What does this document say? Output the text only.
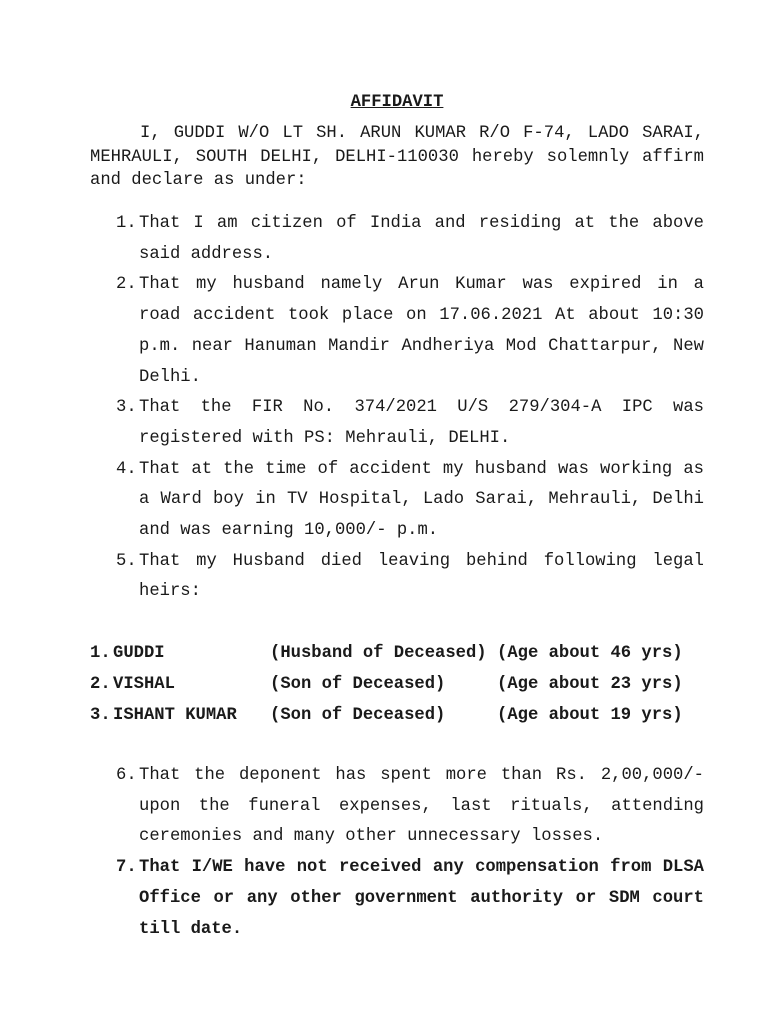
AFFIDAVIT

I, GUDDI W/O LT SH. ARUN KUMAR R/O F-74, LADO SARAI, MEHRAULI, SOUTH DELHI, DELHI-110030 hereby solemnly affirm and declare as under:

1. That I am citizen of India and residing at the above said address.
2. That my husband namely Arun Kumar was expired in a road accident took place on 17.06.2021 At about 10:30 p.m. near Hanuman Mandir Andheriya Mod Chattarpur, New Delhi.
3. That the FIR No. 374/2021 U/S 279/304-A IPC was registered with PS: Mehrauli, DELHI.
4. That at the time of accident my husband was working as a Ward boy in TV Hospital, Lado Sarai, Mehrauli, Delhi and was earning 10,000/- p.m.
5. That my Husband died leaving behind following legal heirs:
1. GUDDI	(Husband of Deceased) (Age about 46 yrs)
2. VISHAL	(Son of Deceased)	(Age about 23 yrs)
3. ISHANT KUMAR (Son of Deceased)	(Age about 19 yrs)
6. That the deponent has spent more than Rs. 2,00,000/- upon the funeral expenses, last rituals, attending ceremonies and many other unnecessary losses.
7. That I/WE have not received any compensation from DLSA Office or any other government authority or SDM court till date.
